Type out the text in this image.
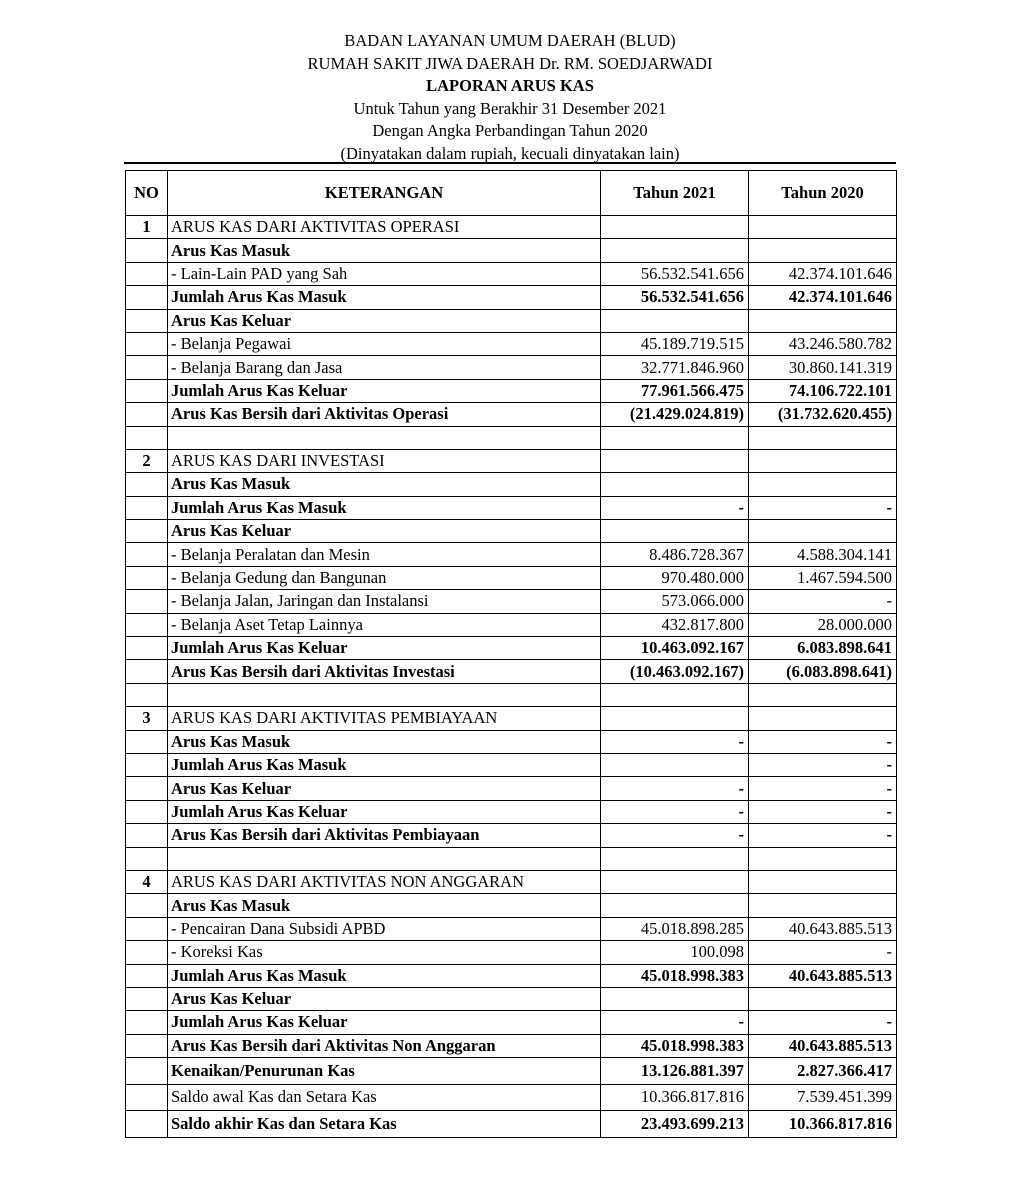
BADAN LAYANAN UMUM DAERAH (BLUD)
RUMAH SAKIT JIWA DAERAH Dr. RM. SOEDJARWADI
LAPORAN ARUS KAS
Untuk Tahun yang Berakhir 31 Desember 2021
Dengan Angka Perbandingan Tahun 2020
(Dinyatakan dalam rupiah, kecuali dinyatakan lain)
NO	KETERANGAN	Tahun 2021	Tahun 2020
1	ARUS KAS DARI AKTIVITAS OPERASI		
	Arus Kas Masuk		
	- Lain-Lain PAD yang Sah	56.532.541.656	42.374.101.646
	Jumlah Arus Kas Masuk	56.532.541.656	42.374.101.646
	Arus Kas Keluar		
	- Belanja Pegawai	45.189.719.515	43.246.580.782
	- Belanja Barang dan Jasa	32.771.846.960	30.860.141.319
	Jumlah Arus Kas Keluar	77.961.566.475	74.106.722.101
	Arus Kas Bersih dari Aktivitas Operasi	(21.429.024.819)	(31.732.620.455)

2	ARUS KAS DARI INVESTASI		
	Arus Kas Masuk		
	Jumlah Arus Kas Masuk	-	-
	Arus Kas Keluar		
	- Belanja Peralatan dan Mesin	8.486.728.367	4.588.304.141
	- Belanja Gedung dan Bangunan	970.480.000	1.467.594.500
	- Belanja Jalan, Jaringan dan Instalansi	573.066.000	-
	- Belanja Aset Tetap Lainnya	432.817.800	28.000.000
	Jumlah Arus Kas Keluar	10.463.092.167	6.083.898.641
	Arus Kas Bersih dari Aktivitas Investasi	(10.463.092.167)	(6.083.898.641)

3	ARUS KAS DARI AKTIVITAS PEMBIAYAAN		
	Arus Kas Masuk	-	-
	Jumlah Arus Kas Masuk		-
	Arus Kas Keluar	-	-
	Jumlah Arus Kas Keluar	-	-
	Arus Kas Bersih dari Aktivitas Pembiayaan	-	-

4	ARUS KAS DARI AKTIVITAS NON ANGGARAN		
	Arus Kas Masuk		
	- Pencairan Dana Subsidi APBD	45.018.898.285	40.643.885.513
	- Koreksi Kas	100.098	-
	Jumlah Arus Kas Masuk	45.018.998.383	40.643.885.513
	Arus Kas Keluar		
	Jumlah Arus Kas Keluar	-	-
	Arus Kas Bersih dari Aktivitas Non Anggaran	45.018.998.383	40.643.885.513
	Kenaikan/Penurunan Kas	13.126.881.397	2.827.366.417
	Saldo awal Kas dan Setara Kas	10.366.817.816	7.539.451.399
	Saldo akhir Kas dan Setara Kas	23.493.699.213	10.366.817.816
